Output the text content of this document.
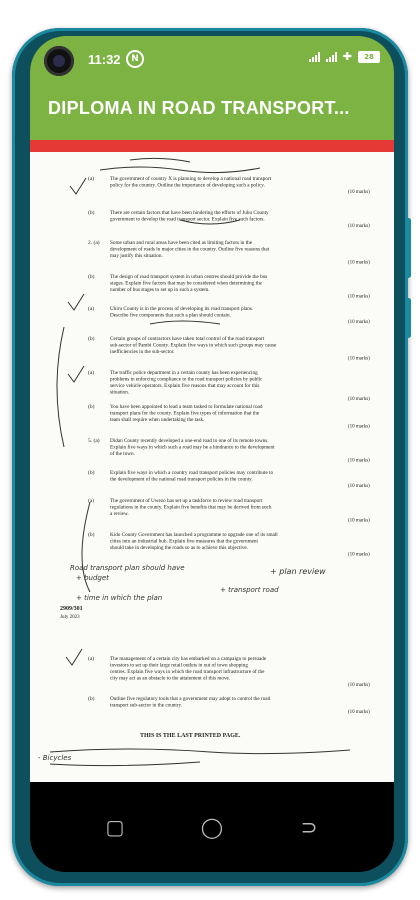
11:32	N	✚	28
DIPLOMA IN ROAD TRANSPORT...
(a)	The government of country X is planning to develop a national road transport
policy for the country. Outline the importance of developing such a policy.
(10 marks)
(b)	There are certain factors that have been hindering the efforts of Juhu County
government to develop the road transport sector. Explain five such factors.
(10 marks)
2. (a) Some urban and rural areas have been cited as limiting factors in the
development of roads in major cities in the country. Outline five reasons that
may justify this situation.
(10 marks)
(b)	The design of road transport system in urban centres should provide the bus
stages. Explain five factors that may be considered when determining the
number of bus stages to set up in such a system.
(10 marks)
(a)	Uhiru County is in the process of developing its road transport plans.
Describe five components that such a plan should contain.
(10 marks)
(b)	Certain groups of contractors have taken total control of the road transport
sub-sector of Pambi County. Explain five ways in which such groups may cause
inefficiencies in the sub-sector.
(10 marks)
(a)	The traffic police department in a certain county has been experiencing
problems in enforcing compliance to the road transport policies by public
service vehicle operators. Explain five reasons that may account for this
situation.
(10 marks)
(b)	You have been appointed to lead a team tasked to formulate national road
transport plans for the county. Explain five types of information that the
team shall require when undertaking the task.
(10 marks)
5. (a) Didan County recently developed a one-end road to one of its remote towns.
Explain five ways in which such a road may be a hindrance to the development
of the town.
(10 marks)
(b)	Explain five ways in which a country road transport policies may contribute to
the development of the national road transport policies in the county.
(10 marks)
(a)	The government of Uwezo has set up a taskforce to review road transport
regulations in the county. Explain five benefits that may be derived from such
a review.
(10 marks)
(b)	Kido County Government has launched a programme to upgrade one of its small
cities into an industrial hub. Explain five measures that the government
should take in developing the roads so as to achieve this objective.
(10 marks)
(a)	The management of a certain city has embarked on a campaign to persuade
investors to set up their large retail outlets in out of town shopping
centres. Explain five ways in which the road transport infrastructure of the
city may act as an obstacle to the attainment of this move.
(10 marks)
(b)	Outline five regulatory tools that a government may adopt to control the road
transport sub-sector in the country.
(10 marks)
+ plan review
Road transport plan should have
+ budget
+ time in which the plan
+ transport road
- Bicycles
2909/301
July 2023
THIS IS THE LAST PRINTED PAGE.
▢	◯	⊃
